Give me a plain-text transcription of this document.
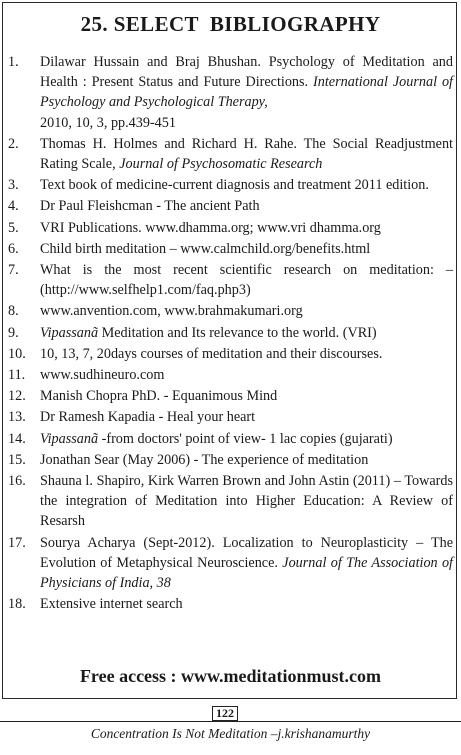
25. SELECT  BIBLIOGRAPHY
1.	Dilawar Hussain and Braj Bhushan. Psychology of Meditation and Health : Present Status and Future Directions. International Journal of Psychology and Psychological Therapy,
2010, 10, 3, pp.439-451
2.	Thomas H. Holmes and Richard H. Rahe. The Social Readjustment Rating Scale, Journal of Psychosomatic Research
3.	Text book of medicine-current diagnosis and treatment 2011 edition.
4.	Dr Paul Fleishcman - The ancient Path
5.	VRI Publications. www.dhamma.org; www.vri dhamma.org
6.	Child birth meditation – www.calmchild.org/benefits.html
7.	What is the most recent scientific research on meditation: – (http://www.selfhelp1.com/faq.php3)
8.	www.anvention.com, www.brahmakumari.org
9.	Vipassanã Meditation and Its relevance to the world. (VRI)
10.	10, 13, 7, 20days courses of meditation and their discourses.
11.	www.sudhineuro.com
12.	Manish Chopra PhD. - Equanimous Mind
13.	Dr Ramesh Kapadia - Heal your heart
14.	Vipassanã -from doctors' point of view- 1 lac copies (gujarati)
15.	Jonathan Sear (May 2006) - The experience of meditation
16.	Shauna l. Shapiro, Kirk Warren Brown and John Astin (2011) – Towards the integration of Meditation into Higher Education: A Review of Resarsh
17.	Sourya Acharya (Sept-2012). Localization to Neuroplasticity – The Evolution of Metaphysical Neuroscience. Journal of The Association of Physicians of India, 38
18.	Extensive internet search
Free access : www.meditationmust.com
122
Concentration Is Not Meditation –j.krishanamurthy
